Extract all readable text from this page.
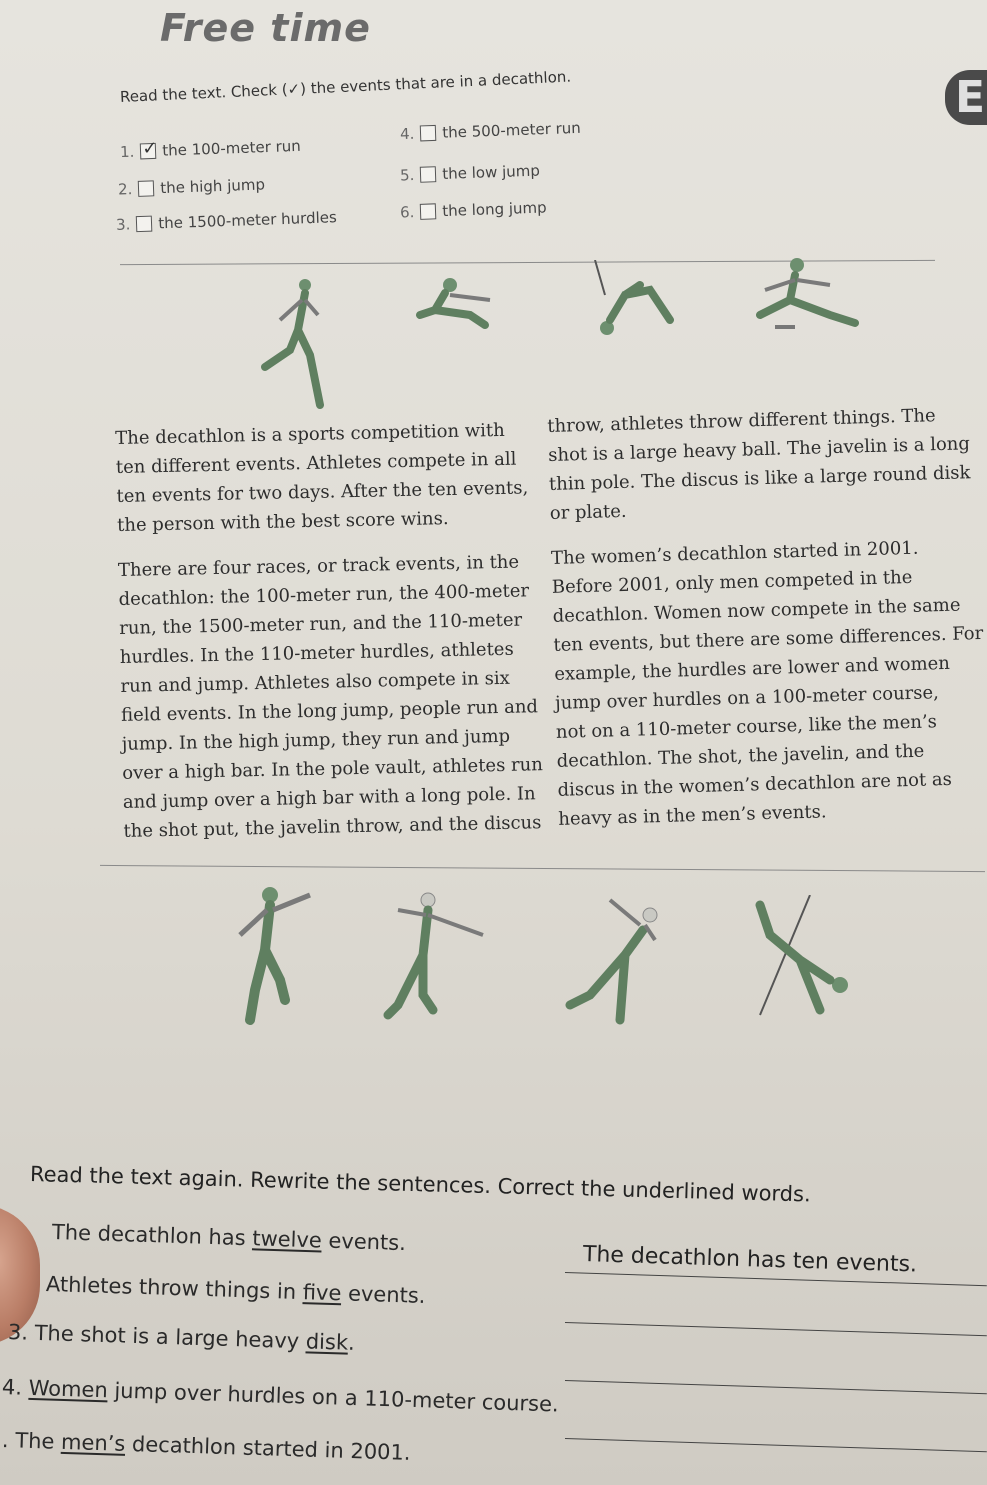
Free time
E
Read the text. Check (✓) the events that are in a decathlon.
1.
✓ the 100-meter run
2. the high jump
3. the 1500-meter hurdles
4. the 500-meter run
5. the low jump
6. the long jump
The decathlon is a sports competition with
ten different events. Athletes compete in all
ten events for two days. After the ten events,
the person with the best score wins.
There are four races, or track events, in the
decathlon: the 100-meter run, the 400-meter
run, the 1500-meter run, and the 110-meter
hurdles. In the 110-meter hurdles, athletes
run and jump. Athletes also compete in six
field events. In the long jump, people run and
jump. In the high jump, they run and jump
over a high bar. In the pole vault, athletes run
and jump over a high bar with a long pole. In
the shot put, the javelin throw, and the discus
throw, athletes throw different things. The
shot is a large heavy ball. The javelin is a long
thin pole. The discus is like a large round disk
or plate.
The women’s decathlon started in 2001.
Before 2001, only men competed in the
decathlon. Women now compete in the same
ten events, but there are some differences. For
example, the hurdles are lower and women
jump over hurdles on a 100-meter course,
not on a 110-meter course, like the men’s
decathlon. The shot, the javelin, and the
discus in the women’s decathlon are not as
heavy as in the men’s events.
Read the text again. Rewrite the sentences. Correct the underlined words.
The decathlon has twelve events.
The decathlon has ten events.
Athletes throw things in five events.
3. The shot is a large heavy disk.
4. Women jump over hurdles on a 110-meter course.
. The men’s decathlon started in 2001.
